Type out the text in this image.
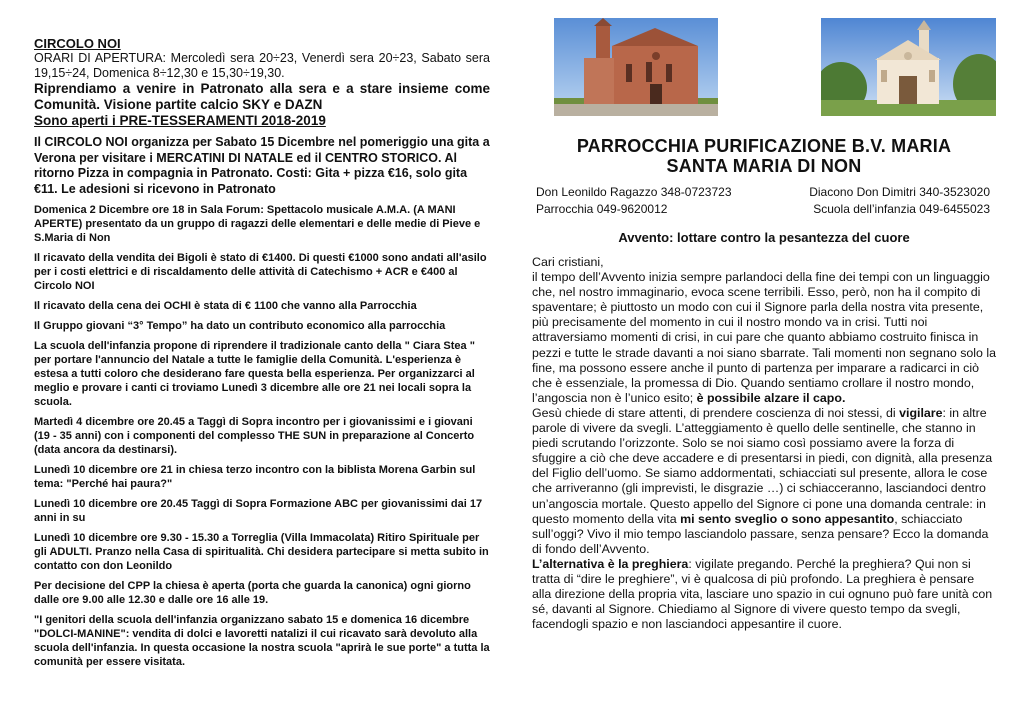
CIRCOLO NOI

ORARI DI APERTURA: Mercoledì sera 20÷23, Venerdì sera 20÷23, Sabato sera 19,15÷24, Domenica 8÷12,30 e 15,30÷19,30.

Riprendiamo a venire in Patronato alla sera e a stare insieme come Comunità. Visione partite calcio SKY e DAZN

Sono aperti i PRE-TESSERAMENTI 2018-2019

Il CIRCOLO NOI organizza per Sabato 15 Dicembre nel pomeriggio una gita a Verona per visitare i MERCATINI DI NATALE ed il CENTRO STORICO. Al ritorno Pizza in compagnia in Patronato. Costi: Gita + pizza €16, solo gita €11. Le adesioni si ricevono in Patronato

Domenica 2 Dicembre ore 18 in Sala Forum: Spettacolo musicale A.M.A. (A MANI APERTE) presentato da un gruppo di ragazzi delle elementari e delle medie di Pieve e S.Maria di Non

Il ricavato della vendita dei Bigoli è stato di €1400. Di questi €1000 sono andati all'asilo per i costi elettrici e di riscaldamento delle attività di Catechismo + ACR e €400 al Circolo NOI

Il ricavato della cena dei OCHI è stata di € 1100 che vanno alla Parrocchia

Il Gruppo giovani “3° Tempo” ha dato un contributo economico alla parrocchia

La scuola dell'infanzia propone di riprendere il tradizionale canto della " Ciara Stea " per portare l'annuncio del Natale a tutte le famiglie della Comunità. L'esperienza è estesa a tutti coloro che desiderano fare questa bella esperienza. Per organizzarci al meglio e provare i canti ci troviamo Lunedì 3 dicembre alle ore 21 nei locali sopra la scuola.

Martedì 4 dicembre ore 20.45 a Taggì di Sopra incontro per i giovanissimi e i giovani (19 - 35 anni) con i componenti del complesso THE SUN in preparazione al Concerto (data ancora da destinarsi).

Lunedì 10 dicembre ore 21 in chiesa terzo incontro con la biblista Morena Garbin sul tema: "Perché hai paura?"

Lunedì 10 dicembre ore 20.45 Taggì di Sopra Formazione ABC per giovanissimi dai 17 anni in su

Lunedì 10 dicembre ore 9.30 - 15.30 a Torreglia (Villa Immacolata) Ritiro Spirituale per gli ADULTI. Pranzo nella Casa di spiritualità. Chi desidera partecipare si metta subito in contatto con don Leonildo

Per decisione del CPP la chiesa è aperta (porta che guarda la canonica) ogni giorno dalle ore 9.00 alle 12.30 e dalle ore 16 alle 19.

"I genitori della scuola dell'infanzia organizzano sabato 15 e domenica 16 dicembre "DOLCI-MANINE": vendita di dolci e lavoretti natalizi il cui ricavato sarà devoluto alla scuola dell'infanzia. In questa occasione la nostra scuola "aprirà le sue porte" a tutta la comunità per essere visitata.

PARROCCHIA PURIFICAZIONE B.V. MARIA
SANTA MARIA DI NON
Don Leonildo Ragazzo 348-0723723	Diacono Don Dimitri 340-3523020
Parrocchia 049-9620012	Scuola dell’infanzia 049-6455023
Avvento: lottare contro la pesantezza del cuore

Cari cristiani,

il tempo dell’Avvento inizia sempre parlandoci della fine dei tempi con un linguaggio che, nel nostro immaginario, evoca scene terribili. Esso, però, non ha il compito di spaventare; è piuttosto un modo con cui il Signore parla della nostra vita presente, più precisamente del momento in cui il nostro mondo va in crisi. Tutti noi attraversiamo momenti di crisi, in cui pare che quanto abbiamo costruito finisca in pezzi e tutte le strade davanti a noi siano sbarrate. Tali momenti non segnano solo la fine, ma possono essere anche il punto di partenza per imparare a radicarci in ciò che è essenziale, la promessa di Dio. Quando sentiamo crollare il nostro mondo, l’angoscia non è l’unico esito; è possibile alzare il capo.

Gesù chiede di stare attenti, di prendere coscienza di noi stessi, di vigilare: in altre parole di vivere da svegli. L’atteggiamento è quello delle sentinelle, che stanno in piedi scrutando l’orizzonte. Solo se noi siamo così possiamo avere la forza di sfuggire a ciò che deve accadere e di presentarsi in piedi, con dignità, alla presenza del Figlio dell’uomo. Se siamo addormentati, schiacciati sul presente, allora le cose che arriveranno (gli imprevisti, le disgrazie …) ci schiacceranno, lasciandoci dentro un’angoscia mortale. Questo appello del Signore ci pone una domanda centrale: in questo momento della vita mi sento sveglio o sono appesantito, schiacciato sull’oggi? Vivo il mio tempo lasciandolo passare, senza pensare? Ecco la domanda di fondo dell’Avvento.

L’alternativa è la preghiera: vigilate pregando. Perché la preghiera? Qui non si tratta di “dire le preghiere”, vi è qualcosa di più profondo. La preghiera è pensare alla direzione della propria vita, lasciare uno spazio in cui ognuno può fare unità con sé, davanti al Signore. Chiediamo al Signore di vivere questo tempo da svegli, facendogli spazio e non lasciandoci appesantire il cuore.
